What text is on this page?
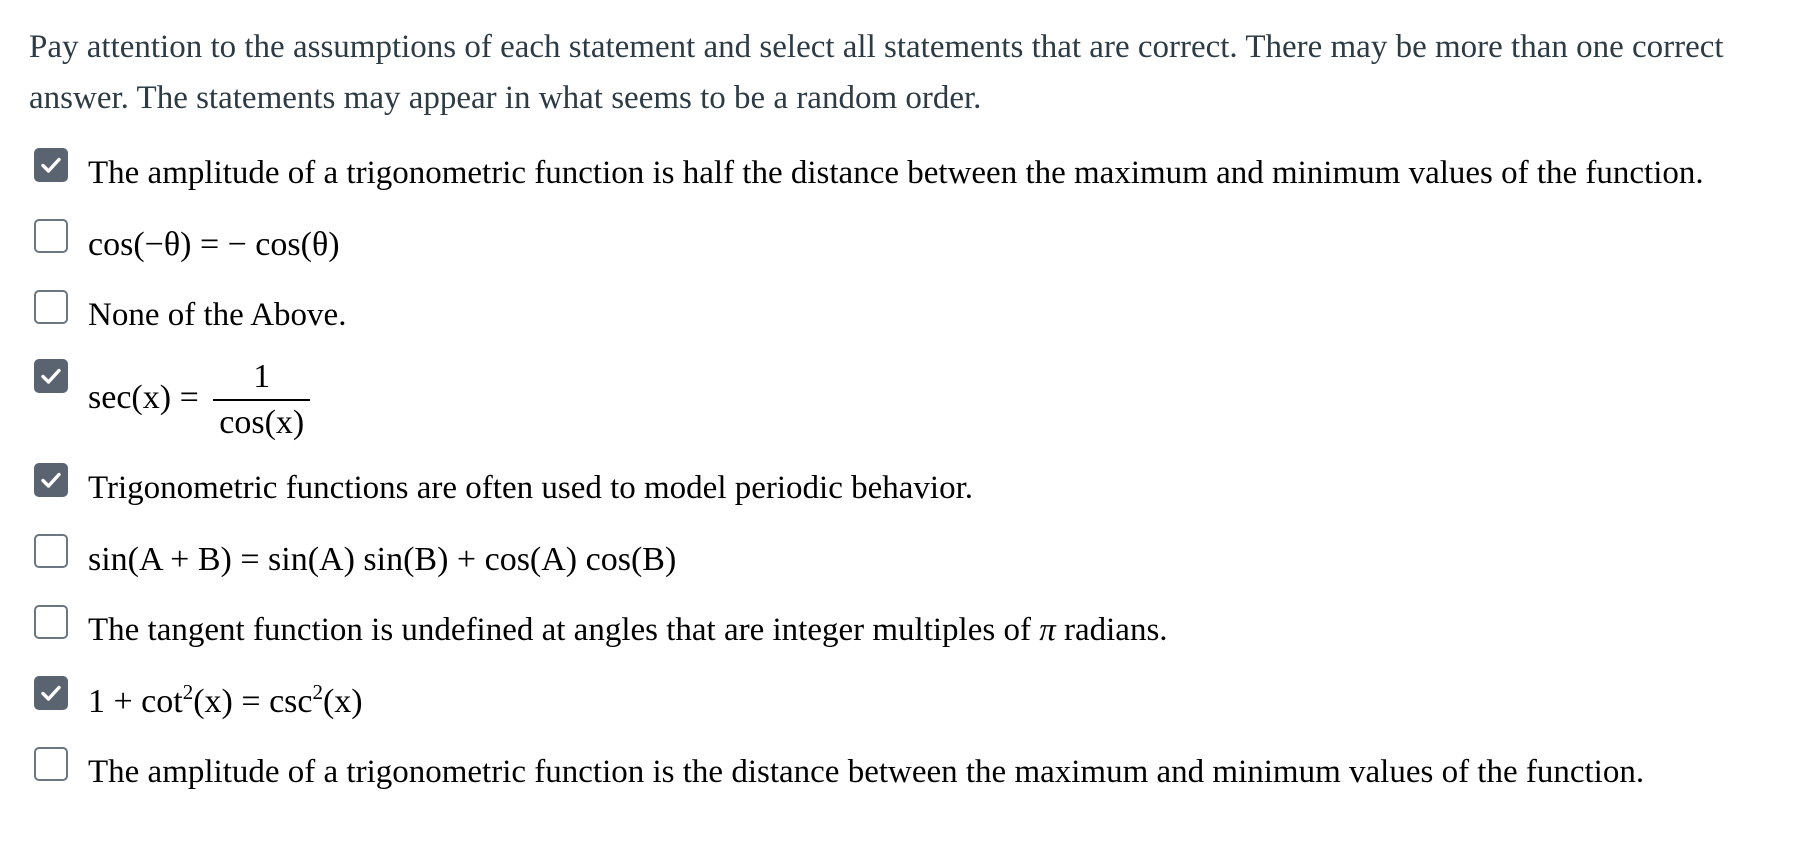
Pay attention to the assumptions of each statement and select all statements that are correct. There may be more than one correct answer. The statements may appear in what seems to be a random order.

The amplitude of a trigonometric function is half the distance between the maximum and minimum values of the function.
cos(−θ) = − cos(θ)
None of the Above.
$\sec(x) = \frac{1}{\cos(x)}$
Trigonometric functions are often used to model periodic behavior.
sin(A + B) = sin(A) sin(B) + cos(A) cos(B)
The tangent function is undefined at angles that are integer multiples of π radians.
$1 + \cot^2(x) = \csc^2(x)$
The amplitude of a trigonometric function is the distance between the maximum and minimum values of the function.
